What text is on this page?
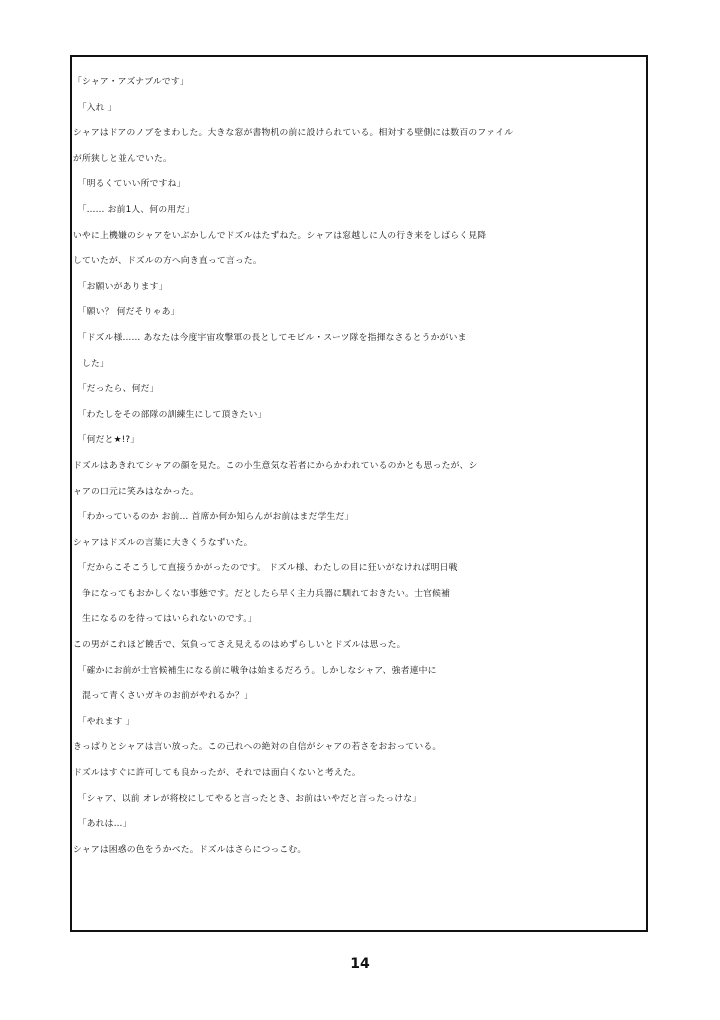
「シャア・アズナブルです」
　「入れ 」
シャアはドアのノブをまわした。大きな窓が書物机の前に設けられている。相対する壁側には数百のファイル
が所狭しと並んでいた。
　「明るくていい所ですね」
　「…… お前1人、何の用だ」
いやに上機嫌のシャアをいぶかしんでドズルはたずねた。シャアは窓越しに人の行き来をしばらく見降
していたが、ドズルの方へ向き直って言った。
　「お願いがあります」
　「願い？ 何だそりゃあ」
　「ドズル様…… あなたは今度宇宙攻撃軍の長としてモビル・スーツ隊を指揮なさるとうかがいま
　した」
　「だったら、何だ」
　「わたしをその部隊の訓練生にして頂きたい」
　「何だと★!?」
ドズルはあきれてシャアの顔を見た。この小生意気な若者にからかわれているのかとも思ったが、シ
ャアの口元に笑みはなかった。
　「わかっているのか お前… 首席か何か知らんがお前はまだ学生だ」
シャアはドズルの言葉に大きくうなずいた。
　「だからこそこうして直接うかがったのです。 ドズル様、わたしの目に狂いがなければ明日戦
　争になってもおかしくない事態です。だとしたら早く主力兵器に馴れておきたい。士官候補
　生になるのを待ってはいられないのです。」
この男がこれほど饒舌で、気負ってさえ見えるのはめずらしいとドズルは思った。
　「確かにお前が士官候補生になる前に戦争は始まるだろう。しかしなシャア、強者連中に
　混って青くさいガキのお前がやれるか？」
　「やれます 」
きっぱりとシャアは言い放った。この己れへの絶対の自信がシャアの若さをおおっている。
ドズルはすぐに許可しても良かったが、それでは面白くないと考えた。
　「シャア、以前 オレが将校にしてやると言ったとき、お前はいやだと言ったっけな」
　「あれは…」
シャアは困惑の色をうかべた。ドズルはさらにつっこむ。
14
